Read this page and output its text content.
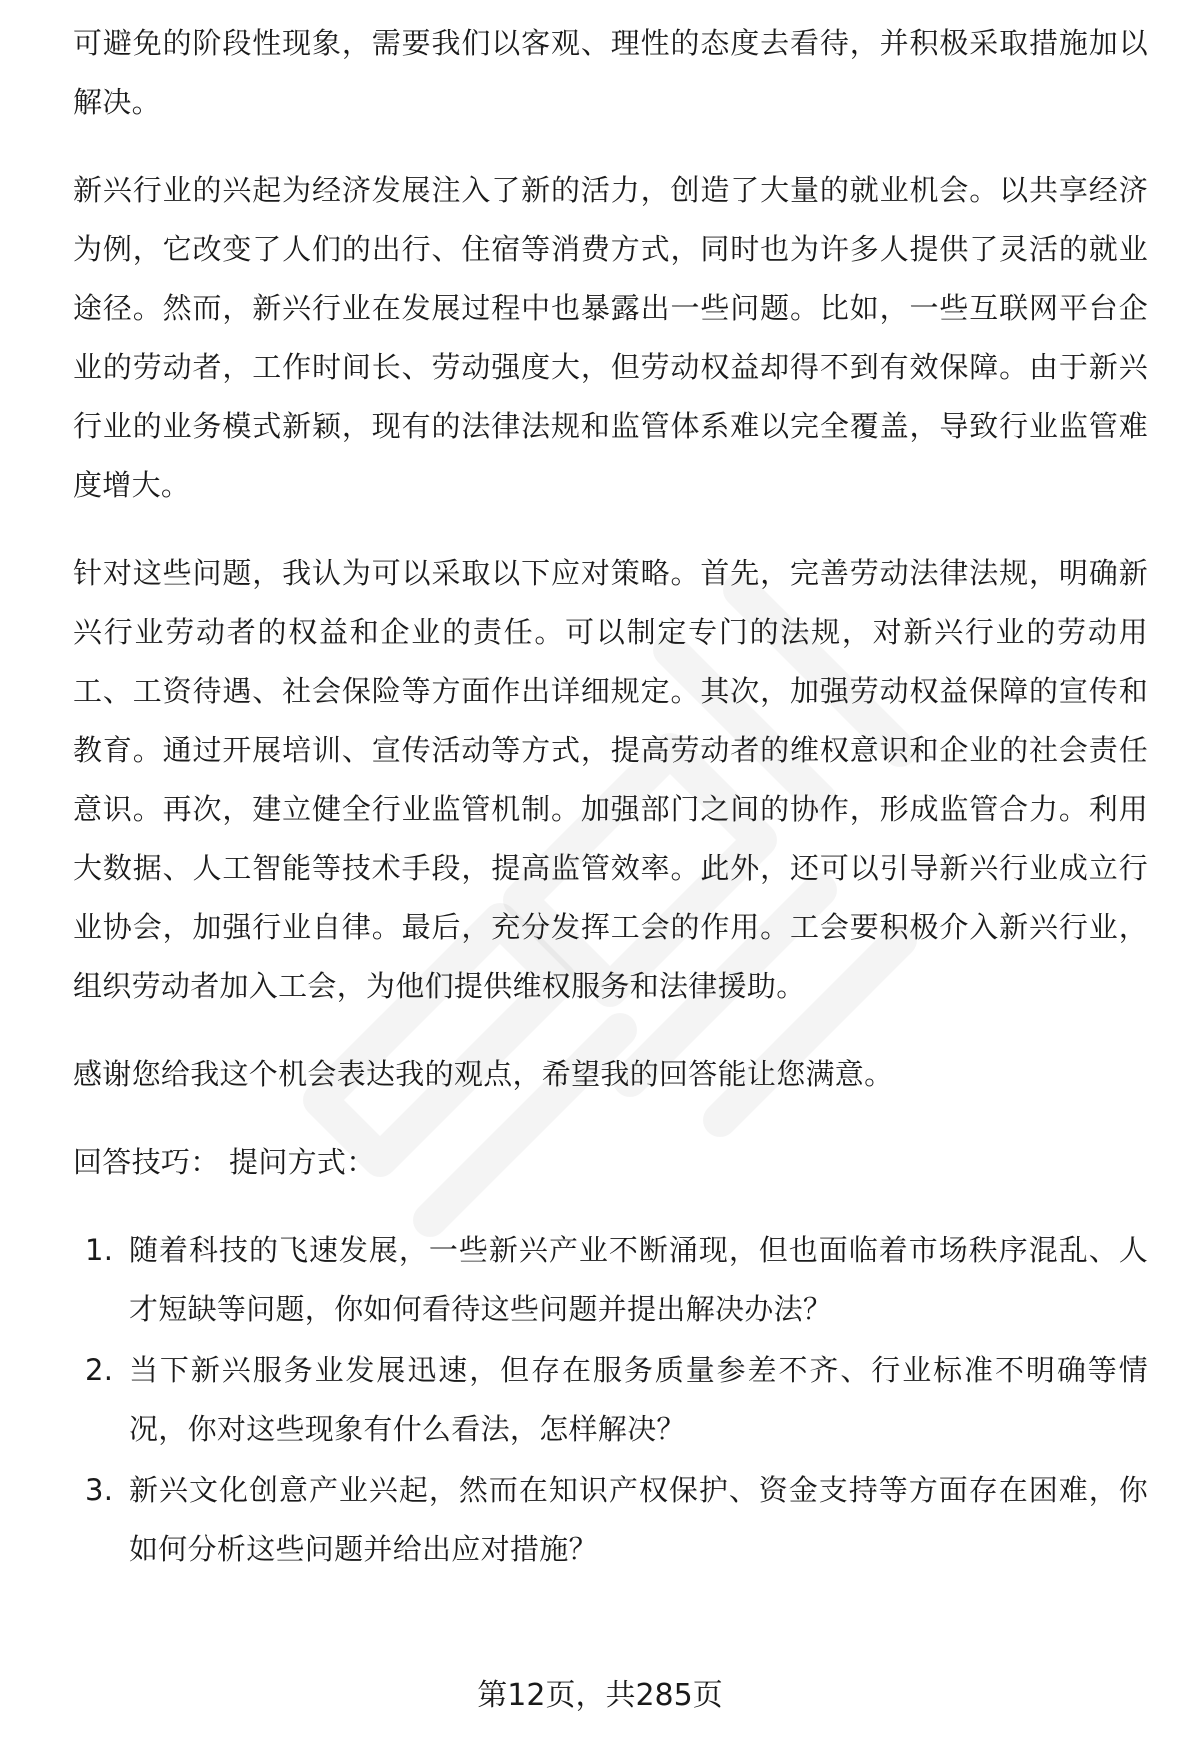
可避免的阶段性现象，需要我们以客观、理性的态度去看待，并积极采取措施加以解决。

新兴行业的兴起为经济发展注入了新的活力，创造了大量的就业机会。以共享经济为例，它改变了人们的出行、住宿等消费方式，同时也为许多人提供了灵活的就业途径。然而，新兴行业在发展过程中也暴露出一些问题。比如，一些互联网平台企业的劳动者，工作时间长、劳动强度大，但劳动权益却得不到有效保障。由于新兴行业的业务模式新颖，现有的法律法规和监管体系难以完全覆盖，导致行业监管难度增大。

针对这些问题，我认为可以采取以下应对策略。首先，完善劳动法律法规，明确新兴行业劳动者的权益和企业的责任。可以制定专门的法规，对新兴行业的劳动用工、工资待遇、社会保险等方面作出详细规定。其次，加强劳动权益保障的宣传和教育。通过开展培训、宣传活动等方式，提高劳动者的维权意识和企业的社会责任意识。再次，建立健全行业监管机制。加强部门之间的协作，形成监管合力。利用大数据、人工智能等技术手段，提高监管效率。此外，还可以引导新兴行业成立行业协会，加强行业自律。最后，充分发挥工会的作用。工会要积极介入新兴行业，组织劳动者加入工会，为他们提供维权服务和法律援助。

感谢您给我这个机会表达我的观点，希望我的回答能让您满意。

回答技巧： 提问方式：

1. 随着科技的飞速发展，一些新兴产业不断涌现，但也面临着市场秩序混乱、人才短缺等问题，你如何看待这些问题并提出解决办法？
2. 当下新兴服务业发展迅速，但存在服务质量参差不齐、行业标准不明确等情况，你对这些现象有什么看法，怎样解决？
3. 新兴文化创意产业兴起，然而在知识产权保护、资金支持等方面存在困难，你如何分析这些问题并给出应对措施？
第12页，共285页
